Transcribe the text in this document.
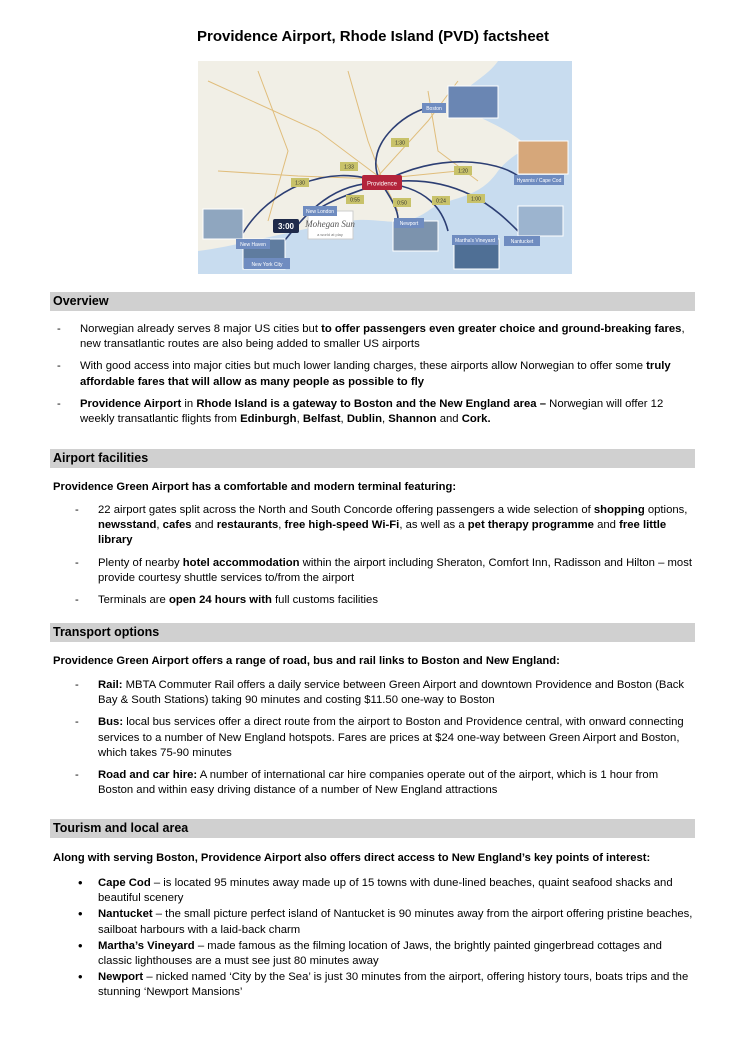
Providence Airport, Rhode Island (PVD) factsheet
Mohegan Sun
a world at play
Providence
Boston
New London
New Haven
New York City
Newport
Martha's Vineyard	Nantucket
Hyannis / Cape Cod
1:30
1:30
0:55	0:50	0:24	1:00
1:20
1:33
3:00
Overview
- Norwegian already serves 8 major US cities but to offer passengers even greater choice and ground-breaking fares, new transatlantic routes are also being added to smaller US airports
- With good access into major cities but much lower landing charges, these airports allow Norwegian to offer some truly affordable fares that will allow as many people as possible to fly
- Providence Airport in Rhode Island is a gateway to Boston and the New England area – Norwegian will offer 12 weekly transatlantic flights from Edinburgh, Belfast, Dublin, Shannon and Cork.
Airport facilities
Providence Green Airport has a comfortable and modern terminal featuring:
- 22 airport gates split across the North and South Concorde offering passengers a wide selection of shopping options, newsstand, cafes and restaurants, free high-speed Wi-Fi, as well as a pet therapy programme and free little library
- Plenty of nearby hotel accommodation within the airport including Sheraton, Comfort Inn, Radisson and Hilton – most provide courtesy shuttle services to/from the airport
- Terminals are open 24 hours with full customs facilities
Transport options
Providence Green Airport offers a range of road, bus and rail links to Boston and New England:
- Rail: MBTA Commuter Rail offers a daily service between Green Airport and downtown Providence and Boston (Back Bay & South Stations) taking 90 minutes and costing $11.50 one-way to Boston
- Bus: local bus services offer a direct route from the airport to Boston and Providence central, with onward connecting services to a number of New England hotspots. Fares are prices at $24 one-way between Green Airport and Boston, which takes 75-90 minutes
- Road and car hire: A number of international car hire companies operate out of the airport, which is 1 hour from Boston and within easy driving distance of a number of New England attractions
Tourism and local area
Along with serving Boston, Providence Airport also offers direct access to New England’s key points of interest:
• Cape Cod – is located 95 minutes away made up of 15 towns with dune-lined beaches, quaint seafood shacks and beautiful scenery
• Nantucket – the small picture perfect island of Nantucket is 90 minutes away from the airport offering pristine beaches, sailboat harbours with a laid-back charm
• Martha’s Vineyard – made famous as the filming location of Jaws, the brightly painted gingerbread cottages and classic lighthouses are a must see just 80 minutes away
• Newport – nicked named ‘City by the Sea’ is just 30 minutes from the airport, offering history tours, boats trips and the stunning ‘Newport Mansions’
